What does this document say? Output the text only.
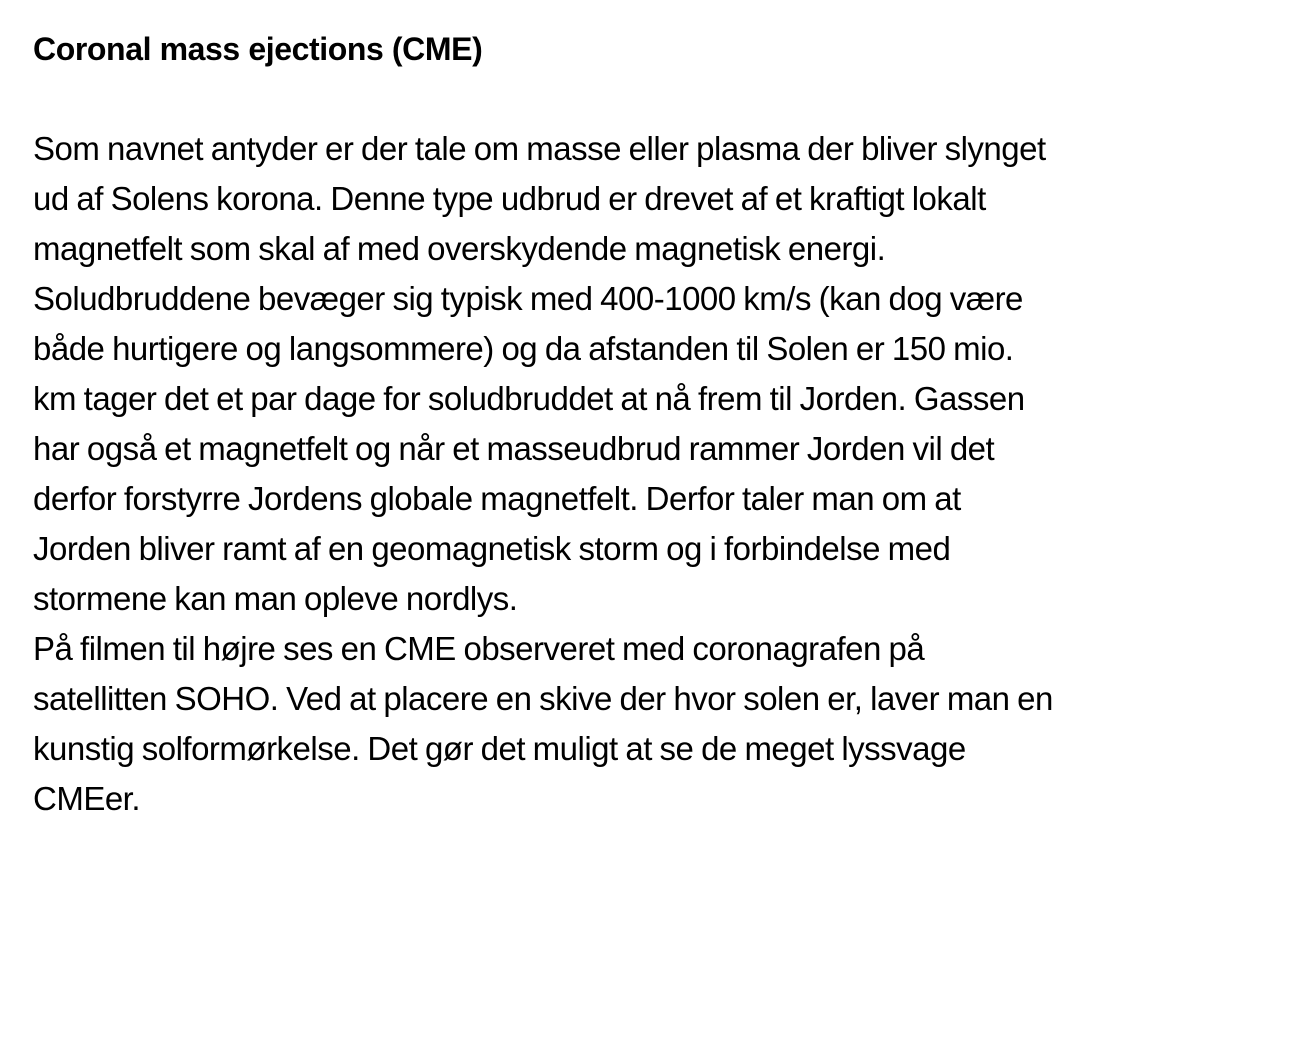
Coronal mass ejections (CME)

Som navnet antyder er der tale om masse eller plasma der bliver slynget
ud af Solens korona. Denne type udbrud er drevet af et kraftigt lokalt
magnetfelt som skal af med overskydende magnetisk energi.
Soludbruddene bevæger sig typisk med 400-1000 km/s (kan dog være
både hurtigere og langsommere) og da afstanden til Solen er 150 mio.
km tager det et par dage for soludbruddet at nå frem til Jorden. Gassen
har også et magnetfelt og når et masseudbrud rammer Jorden vil det
derfor forstyrre Jordens globale magnetfelt. Derfor taler man om at
Jorden bliver ramt af en geomagnetisk storm og i forbindelse med
stormene kan man opleve nordlys.

På filmen til højre ses en CME observeret med coronagrafen på
satellitten SOHO. Ved at placere en skive der hvor solen er, laver man en
kunstig solformørkelse. Det gør det muligt at se de meget lyssvage
CMEer.
